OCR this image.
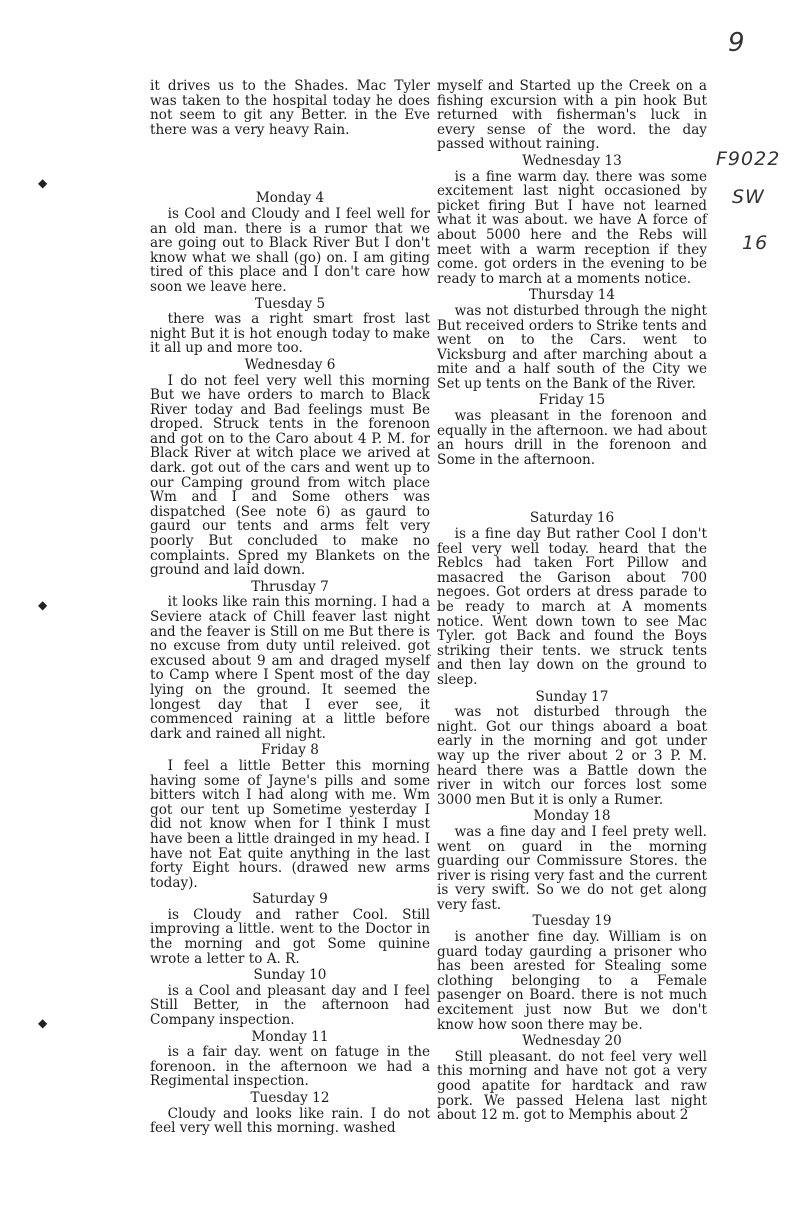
9
F9022
SW
16
◆
◆
◆

it drives us to the Shades. Mac Tyler was taken to the hospital today he does not seem to git any Better. in the Eve there was a very heavy Rain.

Monday 4

is Cool and Cloudy and I feel well for an old man. there is a rumor that we are going out to Black River But I don't know what we shall (go) on. I am giting tired of this place and I don't care how soon we leave here.

Tuesday 5

there was a right smart frost last night But it is hot enough today to make it all up and more too.

Wednesday 6

I do not feel very well this morning But we have orders to march to Black River today and Bad feelings must Be droped. Struck tents in the forenoon and got on to the Caro about 4 P. M. for Black River at witch place we arived at dark. got out of the cars and went up to our Camping ground from witch place Wm and I and Some others was dispatched (See note 6) as gaurd to gaurd our tents and arms felt very poorly But concluded to make no complaints. Spred my Blankets on the ground and laid down.

Thrusday 7

it looks like rain this morning. I had a Seviere atack of Chill feaver last night and the feaver is Still on me But there is no excuse from duty until releived. got excused about 9 am and draged myself to Camp where I Spent most of the day lying on the ground. It seemed the longest day that I ever see, it commenced raining at a little before dark and rained all night.

Friday 8

I feel a little Better this morning having some of Jayne's pills and some bitters witch I had along with me. Wm got our tent up Sometime yesterday I did not know when for I think I must have been a little drainged in my head. I have not Eat quite anything in the last forty Eight hours. (drawed new arms today).

Saturday 9

is Cloudy and rather Cool. Still improving a little. went to the Doctor in the morning and got Some quinine wrote a letter to A. R.

Sunday 10

is a Cool and pleasant day and I feel Still Better, in the afternoon had Company inspection.

Monday 11

is a fair day. went on fatuge in the forenoon. in the afternoon we had a Regimental inspection.

Tuesday 12

Cloudy and looks like rain. I do not feel very well this morning. washed

myself and Started up the Creek on a fishing excursion with a pin hook But returned with fisherman's luck in every sense of the word. the day passed without raining.

Wednesday 13

is a fine warm day. there was some excitement last night occasioned by picket firing But I have not learned what it was about. we have A force of about 5000 here and the Rebs will meet with a warm reception if they come. got orders in the evening to be ready to march at a moments notice.

Thursday 14

was not disturbed through the night But received orders to Strike tents and went on to the Cars. went to Vicksburg and after marching about a mite and a half south of the City we Set up tents on the Bank of the River.

Friday 15

was pleasant in the forenoon and equally in the afternoon. we had about an hours drill in the forenoon and Some in the afternoon.

Saturday 16

is a fine day But rather Cool I don't feel very well today. heard that the Reblcs had taken Fort Pillow and masacred the Garison about 700 negoes. Got orders at dress parade to be ready to march at A moments notice. Went down town to see Mac Tyler. got Back and found the Boys striking their tents. we struck tents and then lay down on the ground to sleep.

Sunday 17

was not disturbed through the night. Got our things aboard a boat early in the morning and got under way up the river about 2 or 3 P. M. heard there was a Battle down the river in witch our forces lost some 3000 men But it is only a Rumer.

Monday 18

was a fine day and I feel prety well. went on guard in the morning guarding our Commissure Stores. the river is rising very fast and the current is very swift. So we do not get along very fast.

Tuesday 19

is another fine day. William is on guard today gaurding a prisoner who has been arested for Stealing some clothing belonging to a Female pasenger on Board. there is not much excitement just now But we don't know how soon there may be.

Wednesday 20

Still pleasant. do not feel very well this morning and have not got a very good apatite for hardtack and raw pork. We passed Helena last night about 12 m. got to Memphis about 2
